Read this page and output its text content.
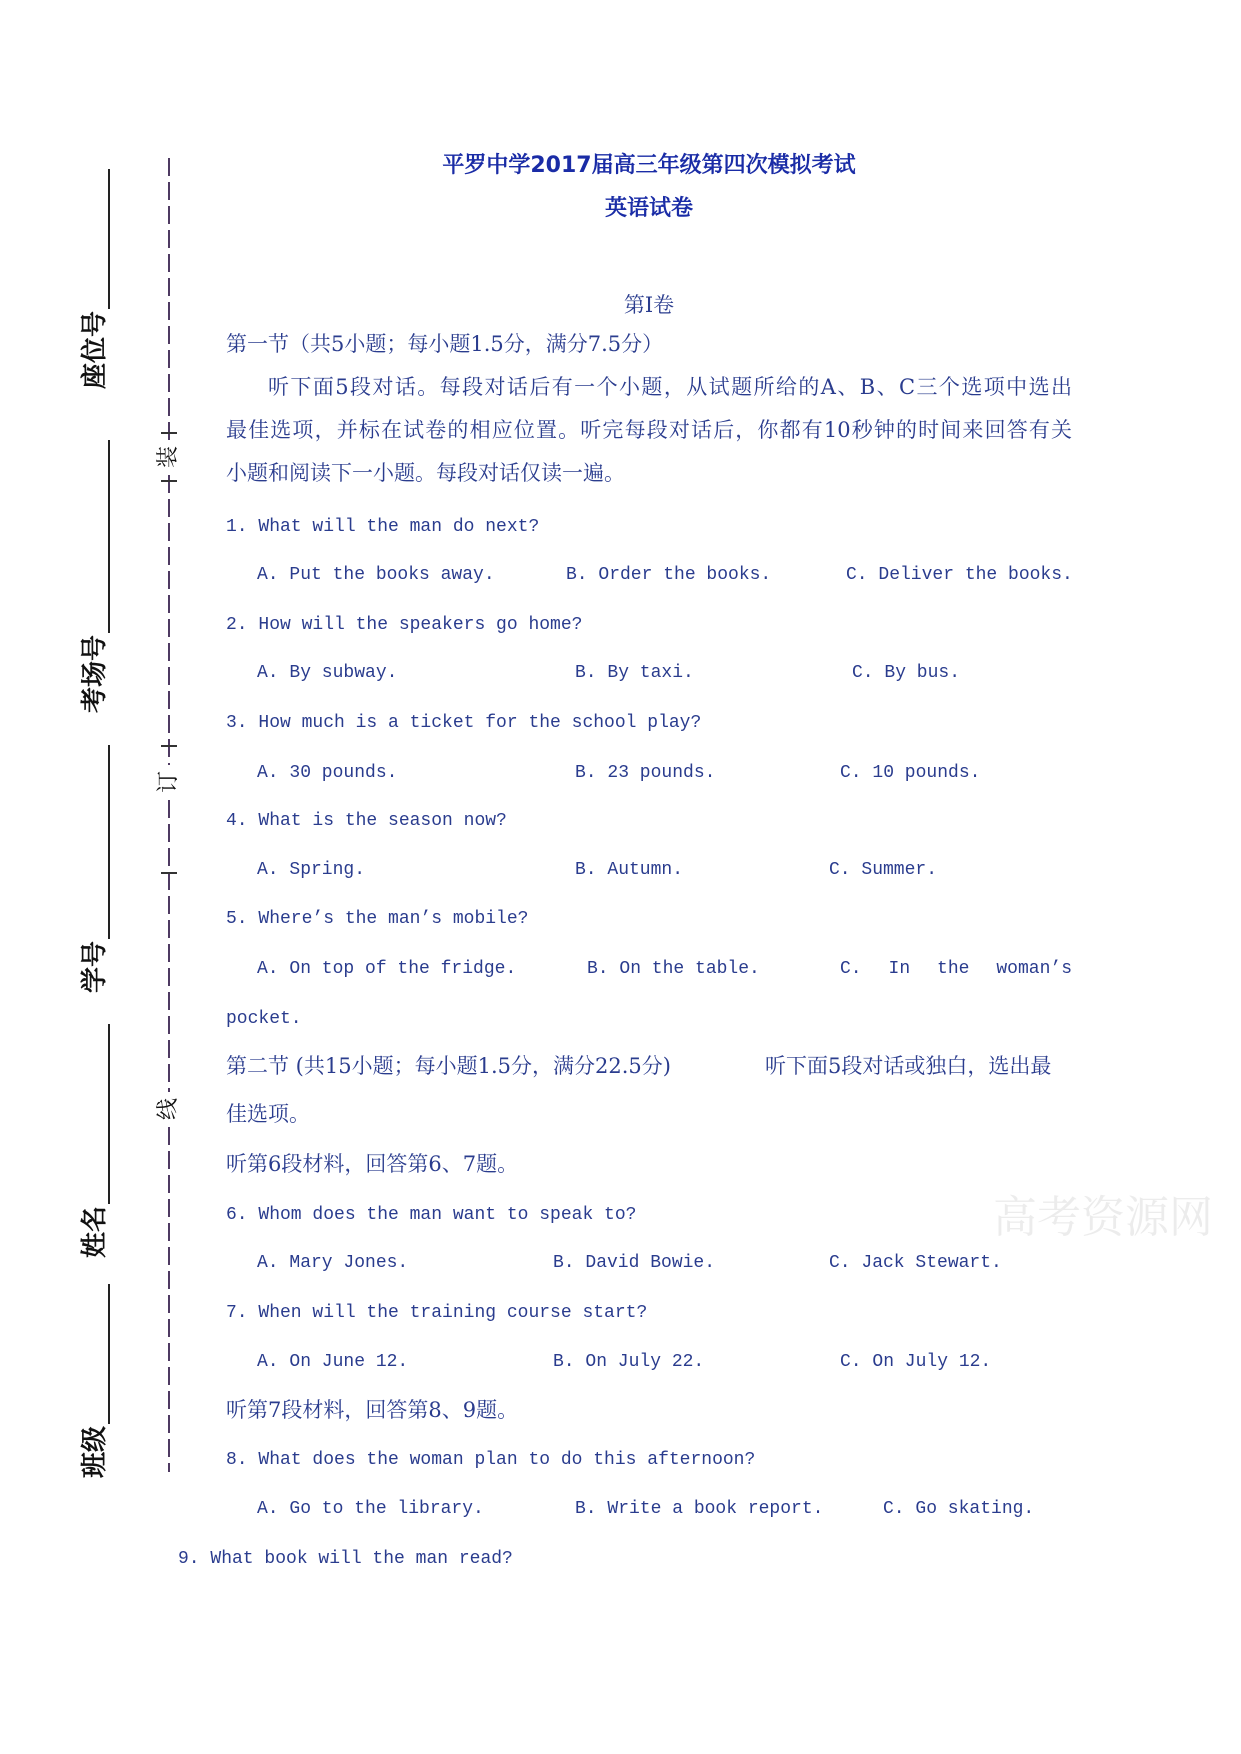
座位号
考场号
学号
姓名
班级
装
订
线
平罗中学2017届高三年级第四次模拟考试
英语试卷
第I卷
第一节（共5小题；每小题1.5分，满分7.5分）
听下面5段对话。每段对话后有一个小题，从试题所给的A、B、C三个选项中选出
最佳选项，并标在试卷的相应位置。听完每段对话后，你都有10秒钟的时间来回答有关
小题和阅读下一小题。每段对话仅读一遍。
1. What will the man do next?
A. Put the books away.	B. Order the books.	C. Deliver the books.
2. How will the speakers go home?
A. By subway.	B. By taxi.	C. By bus.
3. How much is a ticket for the school play?
A. 30 pounds.	B. 23 pounds.	C. 10 pounds.
4. What is the season now?
A. Spring.	B. Autumn.	C. Summer.
5. Where’s the man’s mobile?
A. On top of the fridge.	B. On the table.	C. In the woman’s
pocket.
第二节 (共15小题；每小题1.5分，满分22.5分)	听下面5段对话或独白，选出最
佳选项。
听第6段材料，回答第6、7题。
6. Whom does the man want to speak to?
A. Mary Jones.	B. David Bowie.	C. Jack Stewart.
7. When will the training course start?
A. On June 12.	B. On July 22.	C. On July 12.
听第7段材料，回答第8、9题。
8. What does the woman plan to do this afternoon?
A. Go to the library.	B. Write a book report.	C. Go skating.
9. What book will the man read?
高考资源网
